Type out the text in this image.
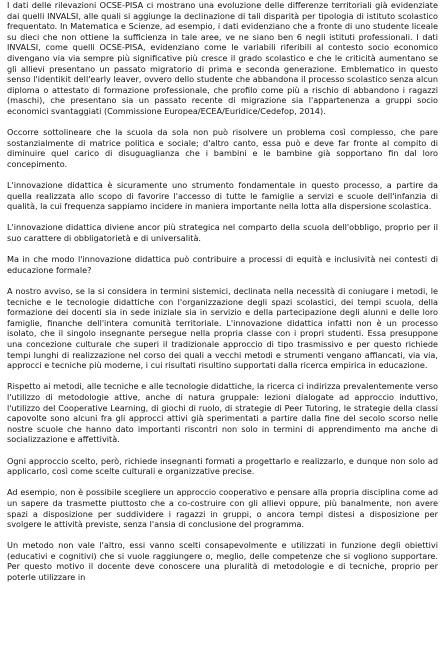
I dati delle rilevazioni OCSE-PISA ci mostrano una evoluzione delle differenze territoriali già evidenziate dai quelli INVALSI, alle quali si aggiunge la declinazione di tali disparità per tipologia di istituto scolastico frequentato. In Matematica e Scienze, ad esempio, i dati evidenziano che a fronte di uno studente liceale su dieci che non ottiene la sufficienza in tale aree, ve ne siano ben 6 negli istituti professionali. I dati INVALSI, come quelli OCSE-PISA, evidenziano come le variabili riferibili al contesto socio economico divengano via via sempre più significative più cresce il grado scolastico e che le criticità aumentano se gli allievi presentano un passato migratorio di prima e seconda generazione. Emblematico in questo senso l'identikit dell'early leaver, ovvero dello studente che abbandona il processo scolastico senza alcun diploma o attestato di formazione professionale, che profilo come più a rischio di abbandono i ragazzi (maschi), che presentano sia un passato recente di migrazione sia l'appartenenza a gruppi socio economici svantaggiati (Commissione Europea/ECEA/Euridice/Cedefop, 2014).

Occorre sottolineare che la scuola da sola non può risolvere un problema così complesso, che pare sostanzialmente di matrice politica e sociale; d'altro canto, essa può e deve far fronte al compito di diminuire quel carico di disuguaglianza che i bambini e le bambine già sopportano fin dal loro concepimento.

L'innovazione didattica è sicuramente uno strumento fondamentale in questo processo, a partire da quella realizzata allo scopo di favorire l'accesso di tutte le famiglie a servizi e scuole dell'infanzia di qualità, la cui frequenza sappiamo incidere in maniera importante nella lotta alla dispersione scolastica.

L'innovazione didattica diviene ancor più strategica nel comparto della scuola dell'obbligo, proprio per il suo carattere di obbligatorietà e di universalità.

Ma in che modo l'innovazione didattica può contribuire a processi di equità e inclusività nei contesti di educazione formale?

A nostro avviso, se la si considera in termini sistemici, declinata nella necessità di coniugare i metodi, le tecniche e le tecnologie didattiche con l'organizzazione degli spazi scolastici, dei tempi scuola, della formazione dei docenti sia in sede iniziale sia in servizio e della partecipazione degli alunni e delle loro famiglie, finanche dell'intera comunità territoriale. L'innovazione didattica infatti non è un processo isolato, che il singolo insegnante persegue nella propria classe con i propri studenti. Essa presuppone una concezione culturale che superi il tradizionale approccio di tipo trasmissivo e per questo richiede tempi lunghi di realizzazione nel corso dei quali a vecchi metodi e strumenti vengano affiancati, via via, approcci e tecniche più moderne, i cui risultati risultino supportati dalla ricerca empirica in educazione.

Rispetto ai metodi, alle tecniche e alle tecnologie didattiche, la ricerca ci indirizza prevalentemente verso l'utilizzo di metodologie attive, anche di natura gruppale: lezioni dialogate ad approccio induttivo, l'utilizzo del Cooperative Learning, di giochi di ruolo, di strategie di Peer Tutoring, le strategie della classi capovolte sono alcuni fra gli approcci attivi già sperimentati a partire dalla fine del secolo scorso nelle nostre scuole che hanno dato importanti riscontri non solo in termini di apprendimento ma anche di socializzazione e affettività.

Ogni approccio scelto, però, richiede insegnanti formati a progettarlo e realizzarlo, e dunque non solo ad applicarlo, così come scelte culturali e organizzative precise.

Ad esempio, non è possibile scegliere un approccio cooperativo e pensare alla propria disciplina come ad un sapere da trasmette piuttosto che a co-costruire con gli allievi oppure, più banalmente, non avere spazi a disposizione per suddividere i ragazzi in gruppi, o ancora tempi distesi a disposizione per svolgere le attività previste, senza l'ansia di conclusione del programma.

Un metodo non vale l'altro, essi vanno scelti consapevolmente e utilizzati in funzione degli obiettivi (educativi e cognitivi) che si vuole raggiungere o, meglio, delle competenze che si vogliono supportare. Per questo motivo il docente deve conoscere una pluralità di metodologie e di tecniche, proprio per poterle utilizzare in
